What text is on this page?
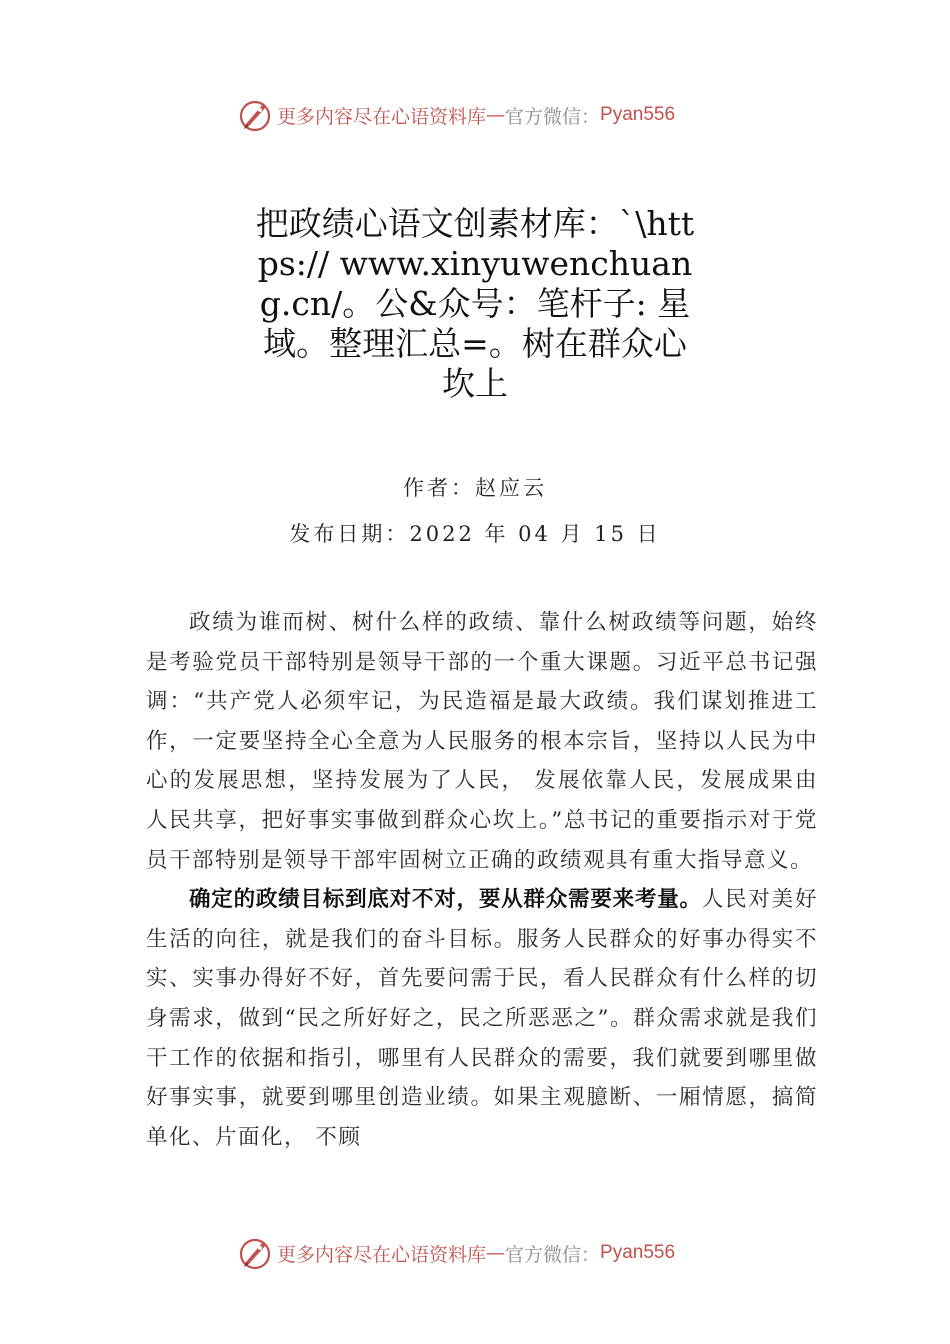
更多内容尽在心语资料库 — 官方微信： Pyan556
把政绩心语文创素材库：`\https:// www.xinyuwenchuang.cn/。公&众号：笔杆子: 星域。整理汇总=。树在群众心坎上
作者：赵应云
发布日期：2022 年 04 月 15 日

政绩为谁而树、树什么样的政绩、靠什么树政绩等问题，始终是考验党员干部特别是领导干部的一个重大课题。习近平总书记强调：“共产党人必须牢记，为民造福是最大政绩。我们谋划推进工作，一定要坚持全心全意为人民服务的根本宗旨，坚持以人民为中心的发展思想，坚持发展为了人民， 发展依靠人民，发展成果由人民共享，把好事实事做到群众心坎上。”总书记的重要指示对于党员干部特别是领导干部牢固树立正确的政绩观具有重大指导意义。

确定的政绩目标到底对不对，要从群众需要来考量。人民对美好生活的向往，就是我们的奋斗目标。服务人民群众的好事办得实不实、实事办得好不好，首先要问需于民，看人民群众有什么样的切身需求，做到“民之所好好之，民之所恶恶之”。群众需求就是我们干工作的依据和指引，哪里有人民群众的需要，我们就要到哪里做好事实事，就要到哪里创造业绩。如果主观臆断、一厢情愿，搞简单化、片面化， 不顾

更多内容尽在心语资料库 — 官方微信： Pyan556
